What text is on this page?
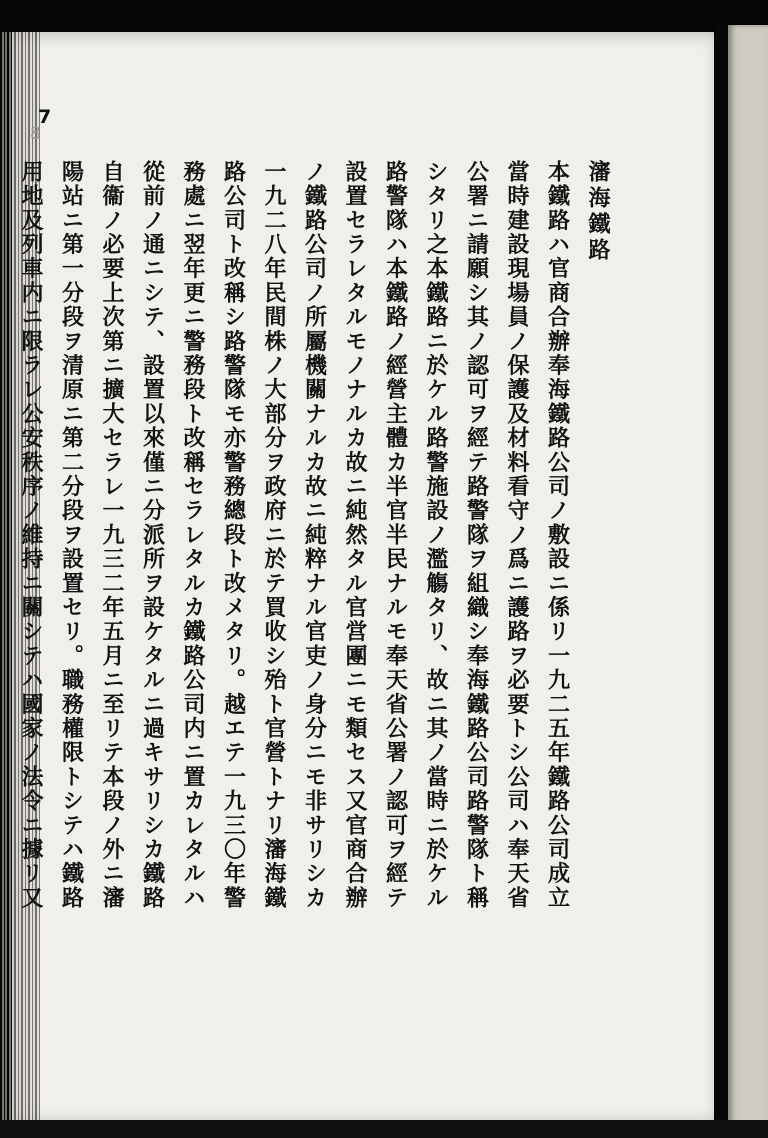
7
8
瀋海鐵路
本鐵路ハ官商合辦奉海鐵路公司ノ敷設ニ係リ一九二五年鐵路公司成立
當時建設現場員ノ保護及材料看守ノ爲ニ護路ヲ必要トシ公司ハ奉天省
公署ニ請願シ其ノ認可ヲ經テ路警隊ヲ組織シ奉海鐵路公司路警隊ト稱
シタリ之本鐵路ニ於ケル路警施設ノ濫觴タリ、故ニ其ノ當時ニ於ケル
路警隊ハ本鐵路ノ經營主體カ半官半民ナルモ奉天省公署ノ認可ヲ經テ
設置セラレタルモノナルカ故ニ純然タル官営團ニモ類セス又官商合辦
ノ鐵路公司ノ所屬機關ナルカ故ニ純粹ナル官吏ノ身分ニモ非サリシカ
一九二八年民間株ノ大部分ヲ政府ニ於テ買收シ殆ト官營トナリ瀋海鐵
路公司ト改稱シ路警隊モ亦警務總段ト改メタリ。越エテ一九三〇年警
務處ニ翌年更ニ警務段ト改稱セラレタルカ鐵路公司内ニ置カレタルハ
從前ノ通ニシテ、設置以來僅ニ分派所ヲ設ケタルニ過キサリシカ鐵路
自衞ノ必要上次第ニ擴大セラレ一九三二年五月ニ至リテ本段ノ外ニ瀋
陽站ニ第一分段ヲ清原ニ第二分段ヲ設置セリ。職務權限トシテハ鐵路
用地及列車内ニ限ラレ公安秩序ノ維持ニ關シテハ國家ノ法令ニ據リ又
